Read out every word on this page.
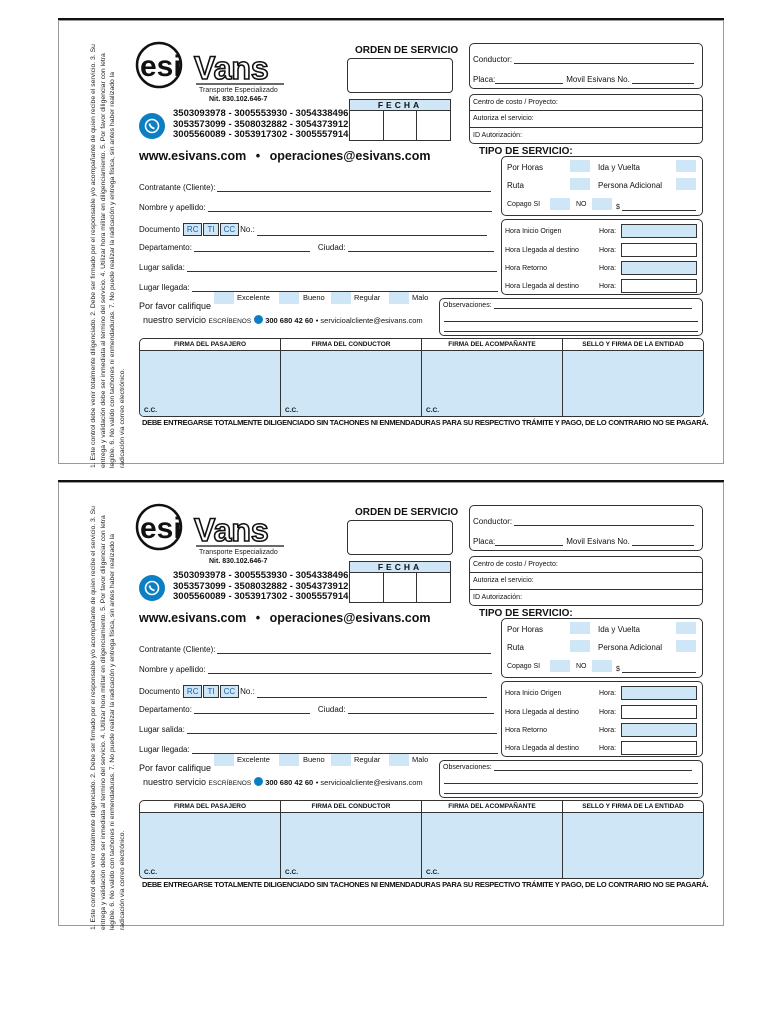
1. Este control debe venir totalmente diligenciado. 2. Debe ser firmado por el responsable y/o acompañante de quien recibe el servicio. 3. Su entrega y validación debe ser inmediata al termino del servicio. 4. Utilizar hora militar en diligenciamiento. 5. Por favor diligenciar con letra legible. 6. No valido con tachones ni enmendaduras. 7. No puede realizar la radicación y entrega física, sin antes haber realizado la radicación via correo electrónico.
esi Vans
Transporte Especializado
Nit. 830.102.646-7
3503093978 - 3005553930 - 3054338496
3053573099 - 3508032882 - 3054373912
3005560089 - 3053917302 - 3005557914
www.esivans.com • operaciones@esivans.com
ORDEN DE SERVICIO
FECHA
Conductor:
Placa:	Movil Esivans No.
Centro de costo / Proyecto:
Autoriza el servicio:
ID Autorización:
TIPO DE SERVICIO:
Por Horas	Ida y Vuelta
Ruta	Persona Adicional
Copago SI	NO	$
Contratante (Cliente):
Nombre y apellido:
Documento RC TI CC No.:
Departamento:	Ciudad:
Lugar salida:
Lugar llegada:
Hora Inicio Origen	Hora:
Hora Llegada al destino	Hora:
Hora Retorno	Hora:
Hora Llegada al destino	Hora:
Observaciones:
Por favor califique
Excelente	Bueno	Regular	Malo
nuestro servicio ESCRÍBENOS 300 680 42 60 • servicioalcliente@esivans.com
FIRMA DEL PASAJERO	FIRMA DEL CONDUCTOR	FIRMA DEL ACOMPAÑANTE	SELLO Y FIRMA DE LA ENTIDAD
C.C.	C.C.	C.C.
DEBE ENTREGARSE TOTALMENTE DILIGENCIADO SIN TACHONES NI ENMENDADURAS PARA SU RESPECTIVO TRÁMITE Y PAGO, DE LO CONTRARIO NO SE PAGARÁ.
1. Este control debe venir totalmente diligenciado. 2. Debe ser firmado por el responsable y/o acompañante de quien recibe el servicio. 3. Su entrega y validación debe ser inmediata al termino del servicio. 4. Utilizar hora militar en diligenciamiento. 5. Por favor diligenciar con letra legible. 6. No valido con tachones ni enmendaduras. 7. No puede realizar la radicación y entrega física, sin antes haber realizado la radicación via correo electrónico.
esi Vans
Transporte Especializado
Nit. 830.102.646-7
3503093978 - 3005553930 - 3054338496
3053573099 - 3508032882 - 3054373912
3005560089 - 3053917302 - 3005557914
www.esivans.com • operaciones@esivans.com
ORDEN DE SERVICIO
FECHA
Conductor:
Placa:	Movil Esivans No.
Centro de costo / Proyecto:
Autoriza el servicio:
ID Autorización:
TIPO DE SERVICIO:
Por Horas	Ida y Vuelta
Ruta	Persona Adicional
Copago SI	NO	$
Contratante (Cliente):
Nombre y apellido:
Documento RC TI CC No.:
Departamento:	Ciudad:
Lugar salida:
Lugar llegada:
Hora Inicio Origen	Hora:
Hora Llegada al destino	Hora:
Hora Retorno	Hora:
Hora Llegada al destino	Hora:
Observaciones:
Por favor califique
Excelente	Bueno	Regular	Malo
nuestro servicio ESCRÍBENOS 300 680 42 60 • servicioalcliente@esivans.com
FIRMA DEL PASAJERO	FIRMA DEL CONDUCTOR	FIRMA DEL ACOMPAÑANTE	SELLO Y FIRMA DE LA ENTIDAD
C.C.	C.C.	C.C.
DEBE ENTREGARSE TOTALMENTE DILIGENCIADO SIN TACHONES NI ENMENDADURAS PARA SU RESPECTIVO TRÁMITE Y PAGO, DE LO CONTRARIO NO SE PAGARÁ.
